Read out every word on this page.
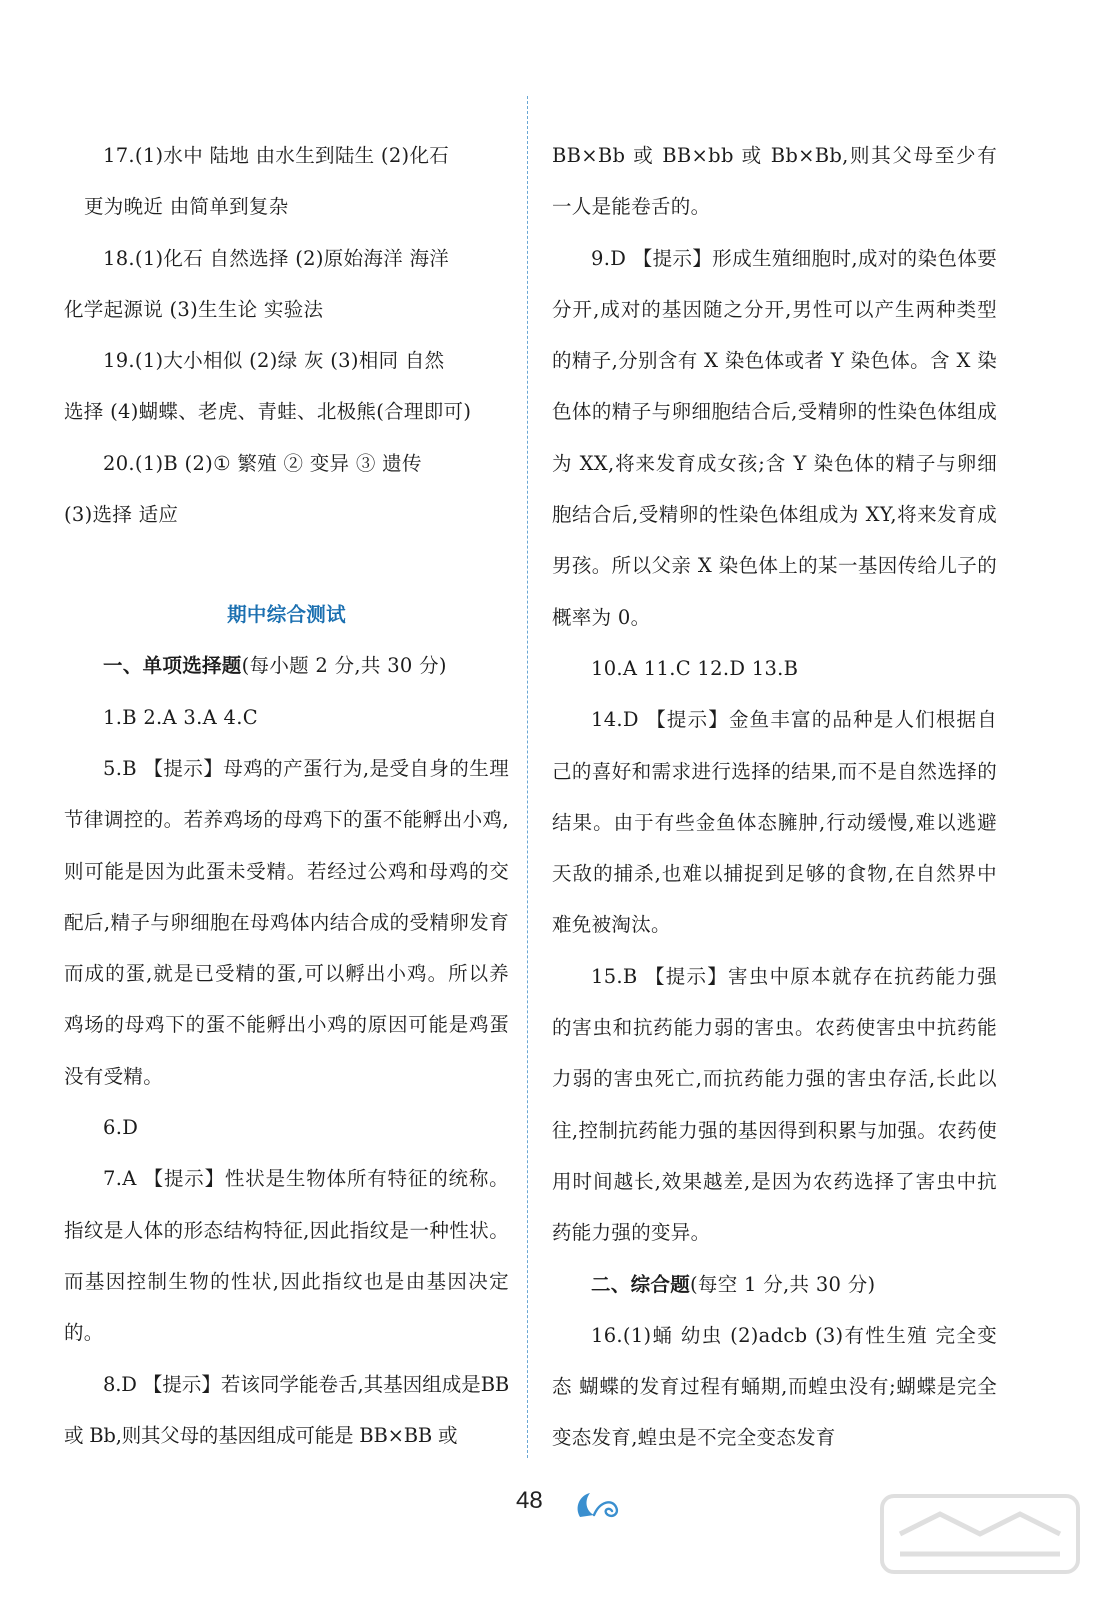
17.(1)水中 陆地 由水生到陆生 (2)化石

更为晚近 由简单到复杂

18.(1)化石 自然选择 (2)原始海洋 海洋

化学起源说 (3)生生论 实验法

19.(1)大小相似 (2)绿 灰 (3)相同 自然

选择 (4)蝴蝶、老虎、青蛙、北极熊(合理即可)

20.(1)B (2)① 繁殖 ② 变异 ③ 遗传

(3)选择 适应

期中综合测试

一、单项选择题(每小题 2 分,共 30 分)

1.B 2.A 3.A 4.C

5.B 【提示】母鸡的产蛋行为,是受自身的生理节律调控的。若养鸡场的母鸡下的蛋不能孵出小鸡,则可能是因为此蛋未受精。若经过公鸡和母鸡的交配后,精子与卵细胞在母鸡体内结合成的受精卵发育而成的蛋,就是已受精的蛋,可以孵出小鸡。所以养鸡场的母鸡下的蛋不能孵出小鸡的原因可能是鸡蛋没有受精。

6.D

7.A 【提示】性状是生物体所有特征的统称。指纹是人体的形态结构特征,因此指纹是一种性状。而基因控制生物的性状,因此指纹也是由基因决定的。

8.D 【提示】若该同学能卷舌,其基因组成是BB或 Bb,则其父母的基因组成可能是 BB×BB 或

BB×Bb 或 BB×bb 或 Bb×Bb,则其父母至少有一人是能卷舌的。

9.D 【提示】形成生殖细胞时,成对的染色体要分开,成对的基因随之分开,男性可以产生两种类型的精子,分别含有 X 染色体或者 Y 染色体。含 X 染色体的精子与卵细胞结合后,受精卵的性染色体组成为 XX,将来发育成女孩;含 Y 染色体的精子与卵细胞结合后,受精卵的性染色体组成为 XY,将来发育成男孩。所以父亲 X 染色体上的某一基因传给儿子的概率为 0。

10.A 11.C 12.D 13.B

14.D 【提示】金鱼丰富的品种是人们根据自己的喜好和需求进行选择的结果,而不是自然选择的结果。由于有些金鱼体态臃肿,行动缓慢,难以逃避天敌的捕杀,也难以捕捉到足够的食物,在自然界中难免被淘汰。

15.B 【提示】害虫中原本就存在抗药能力强的害虫和抗药能力弱的害虫。农药使害虫中抗药能力弱的害虫死亡,而抗药能力强的害虫存活,长此以往,控制抗药能力强的基因得到积累与加强。农药使用时间越长,效果越差,是因为农药选择了害虫中抗药能力强的变异。

二、综合题(每空 1 分,共 30 分)

16.(1)蛹 幼虫 (2)adcb (3)有性生殖 完全变态 蝴蝶的发育过程有蛹期,而蝗虫没有;蝴蝶是完全变态发育,蝗虫是不完全变态发育

48
